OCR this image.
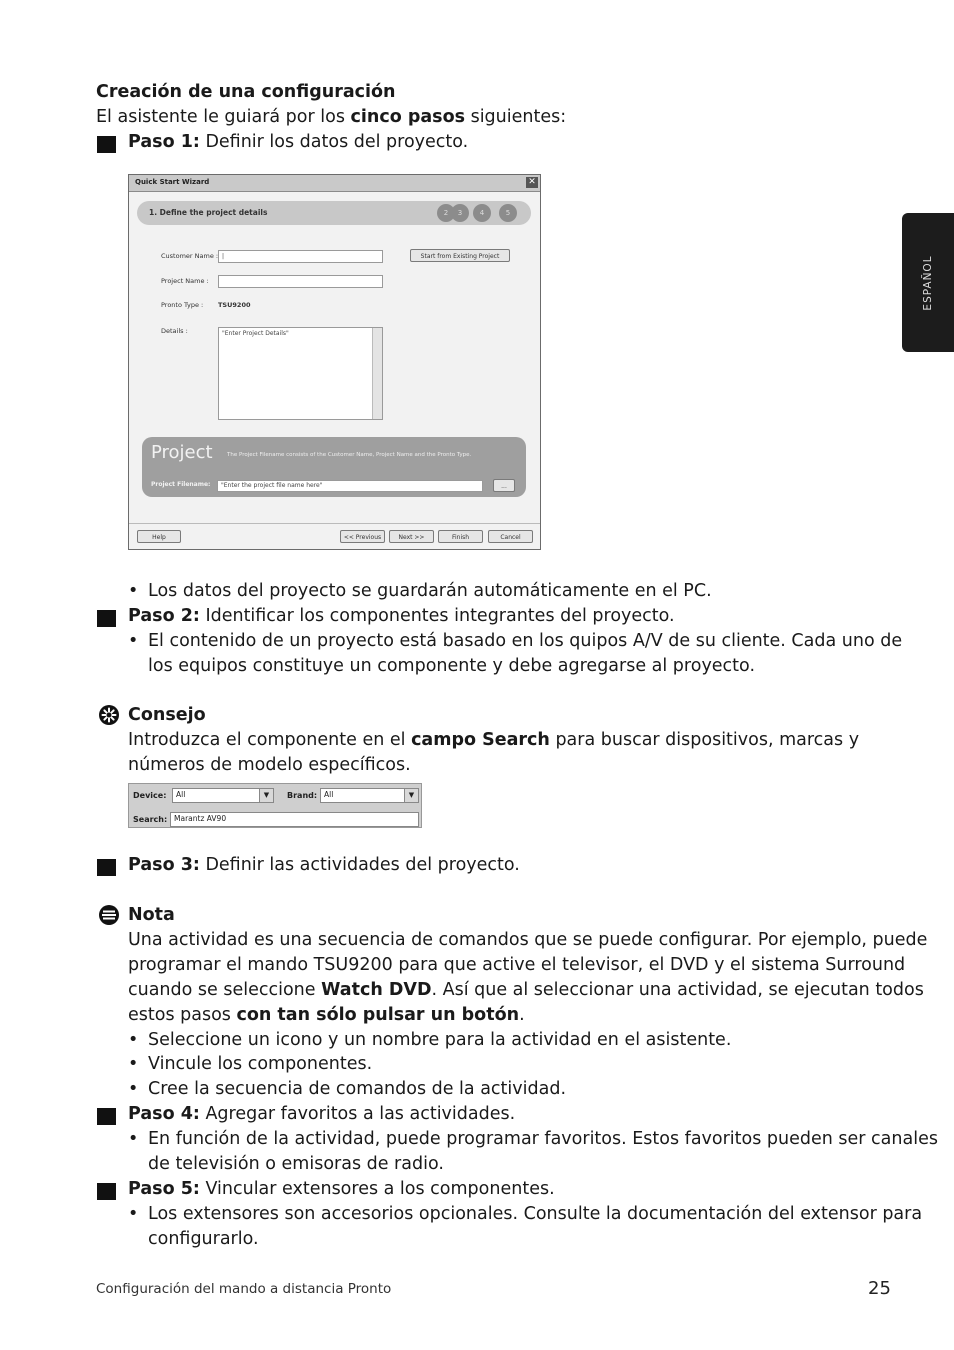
ESPAÑOL
Creación de una configuración
El asistente le guiará por los cinco pasos siguientes:
Paso 1: Definir los datos del proyecto.
Quick Start Wizard	✕
1. Define the project details	2	3	4	5
Customer Name : |	Start from Existing Project
Project Name :
Pronto Type : TSU9200
Details :	"Enter Project Details"
Project	The Project Filename consists of the Customer Name, Project Name and the Pronto Type.
Project Filename:	"Enter the project file name here"	...
Help	<< Previous	Next >>	Finish	Cancel
• Los datos del proyecto se guardarán automáticamente en el PC.
Paso 2: Identificar los componentes integrantes del proyecto.
• El contenido de un proyecto está basado en los quipos A/V de su cliente. Cada uno de
los equipos constituye un componente y debe agregarse al proyecto.
Consejo
Introduzca el componente en el campo Search para buscar dispositivos, marcas y
números de modelo específicos.
Device:	All	▼	Brand: All	▼
Search: Marantz AV90
Paso 3: Definir las actividades del proyecto.
Nota
Una actividad es una secuencia de comandos que se puede configurar. Por ejemplo, puede
programar el mando TSU9200 para que active el televisor, el DVD y el sistema Surround
cuando se seleccione Watch DVD. Así que al seleccionar una actividad, se ejecutan todos
estos pasos con tan sólo pulsar un botón.
• Seleccione un icono y un nombre para la actividad en el asistente.
• Vincule los componentes.
• Cree la secuencia de comandos de la actividad.
Paso 4: Agregar favoritos a las actividades.
• En función de la actividad, puede programar favoritos. Estos favoritos pueden ser canales
de televisión o emisoras de radio.
Paso 5: Vincular extensores a los componentes.
• Los extensores son accesorios opcionales. Consulte la documentación del extensor para
configurarlo.
Configuración del mando a distancia Pronto	25
